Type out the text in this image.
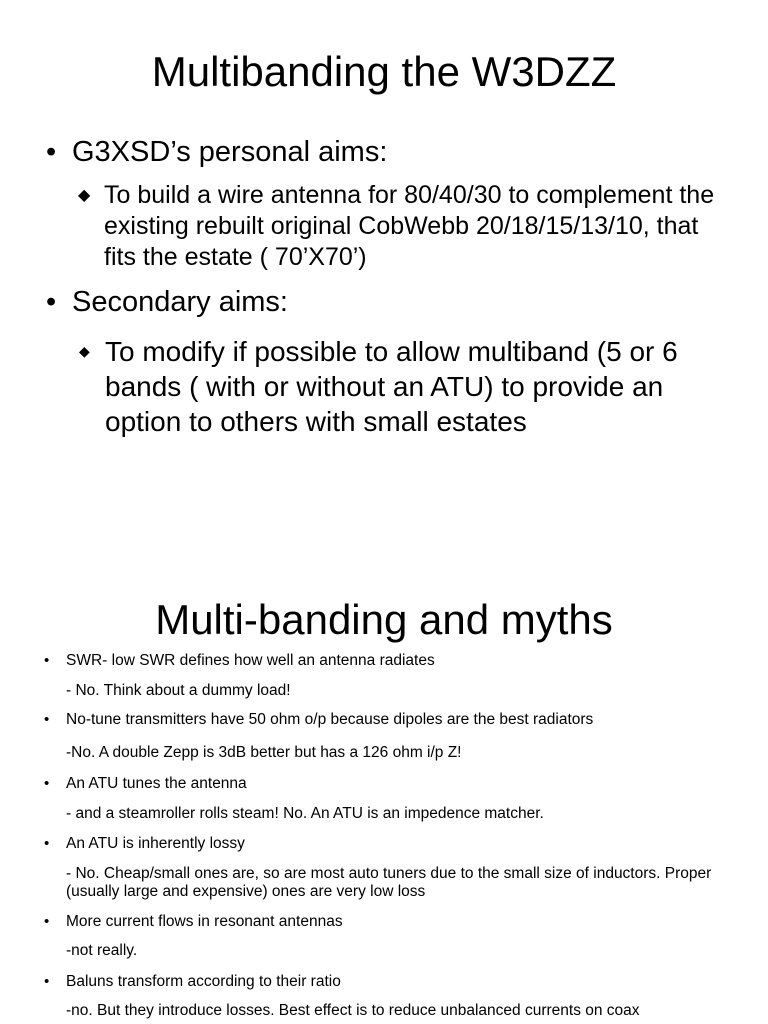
Multibanding the W3DZZ
• G3XSD’s personal aims:
◆ To build a wire antenna for 80/40/30 to complement the existing rebuilt original CobWebb 20/18/15/13/10, that fits the estate ( 70’X70’)
• Secondary aims:
◆ To modify if possible to allow multiband (5 or 6 bands ( with or without an ATU) to provide an option to others with small estates
Multi-banding and myths
• SWR- low SWR defines how well an antenna radiates
- No. Think about a dummy load!
• No-tune transmitters have 50 ohm o/p because dipoles are the best radiators
-No. A double Zepp is 3dB better but has a 126 ohm i/p Z!
• An ATU tunes the antenna
- and a steamroller rolls steam! No. An ATU is an impedence matcher.
• An ATU is inherently lossy
- No. Cheap/small ones are, so are most auto tuners due to the small size of inductors. Proper (usually large and expensive) ones are very low loss
• More current flows in resonant antennas
-not really.
• Baluns transform according to their ratio
-no. But they introduce losses. Best effect is to reduce unbalanced currents on coax
